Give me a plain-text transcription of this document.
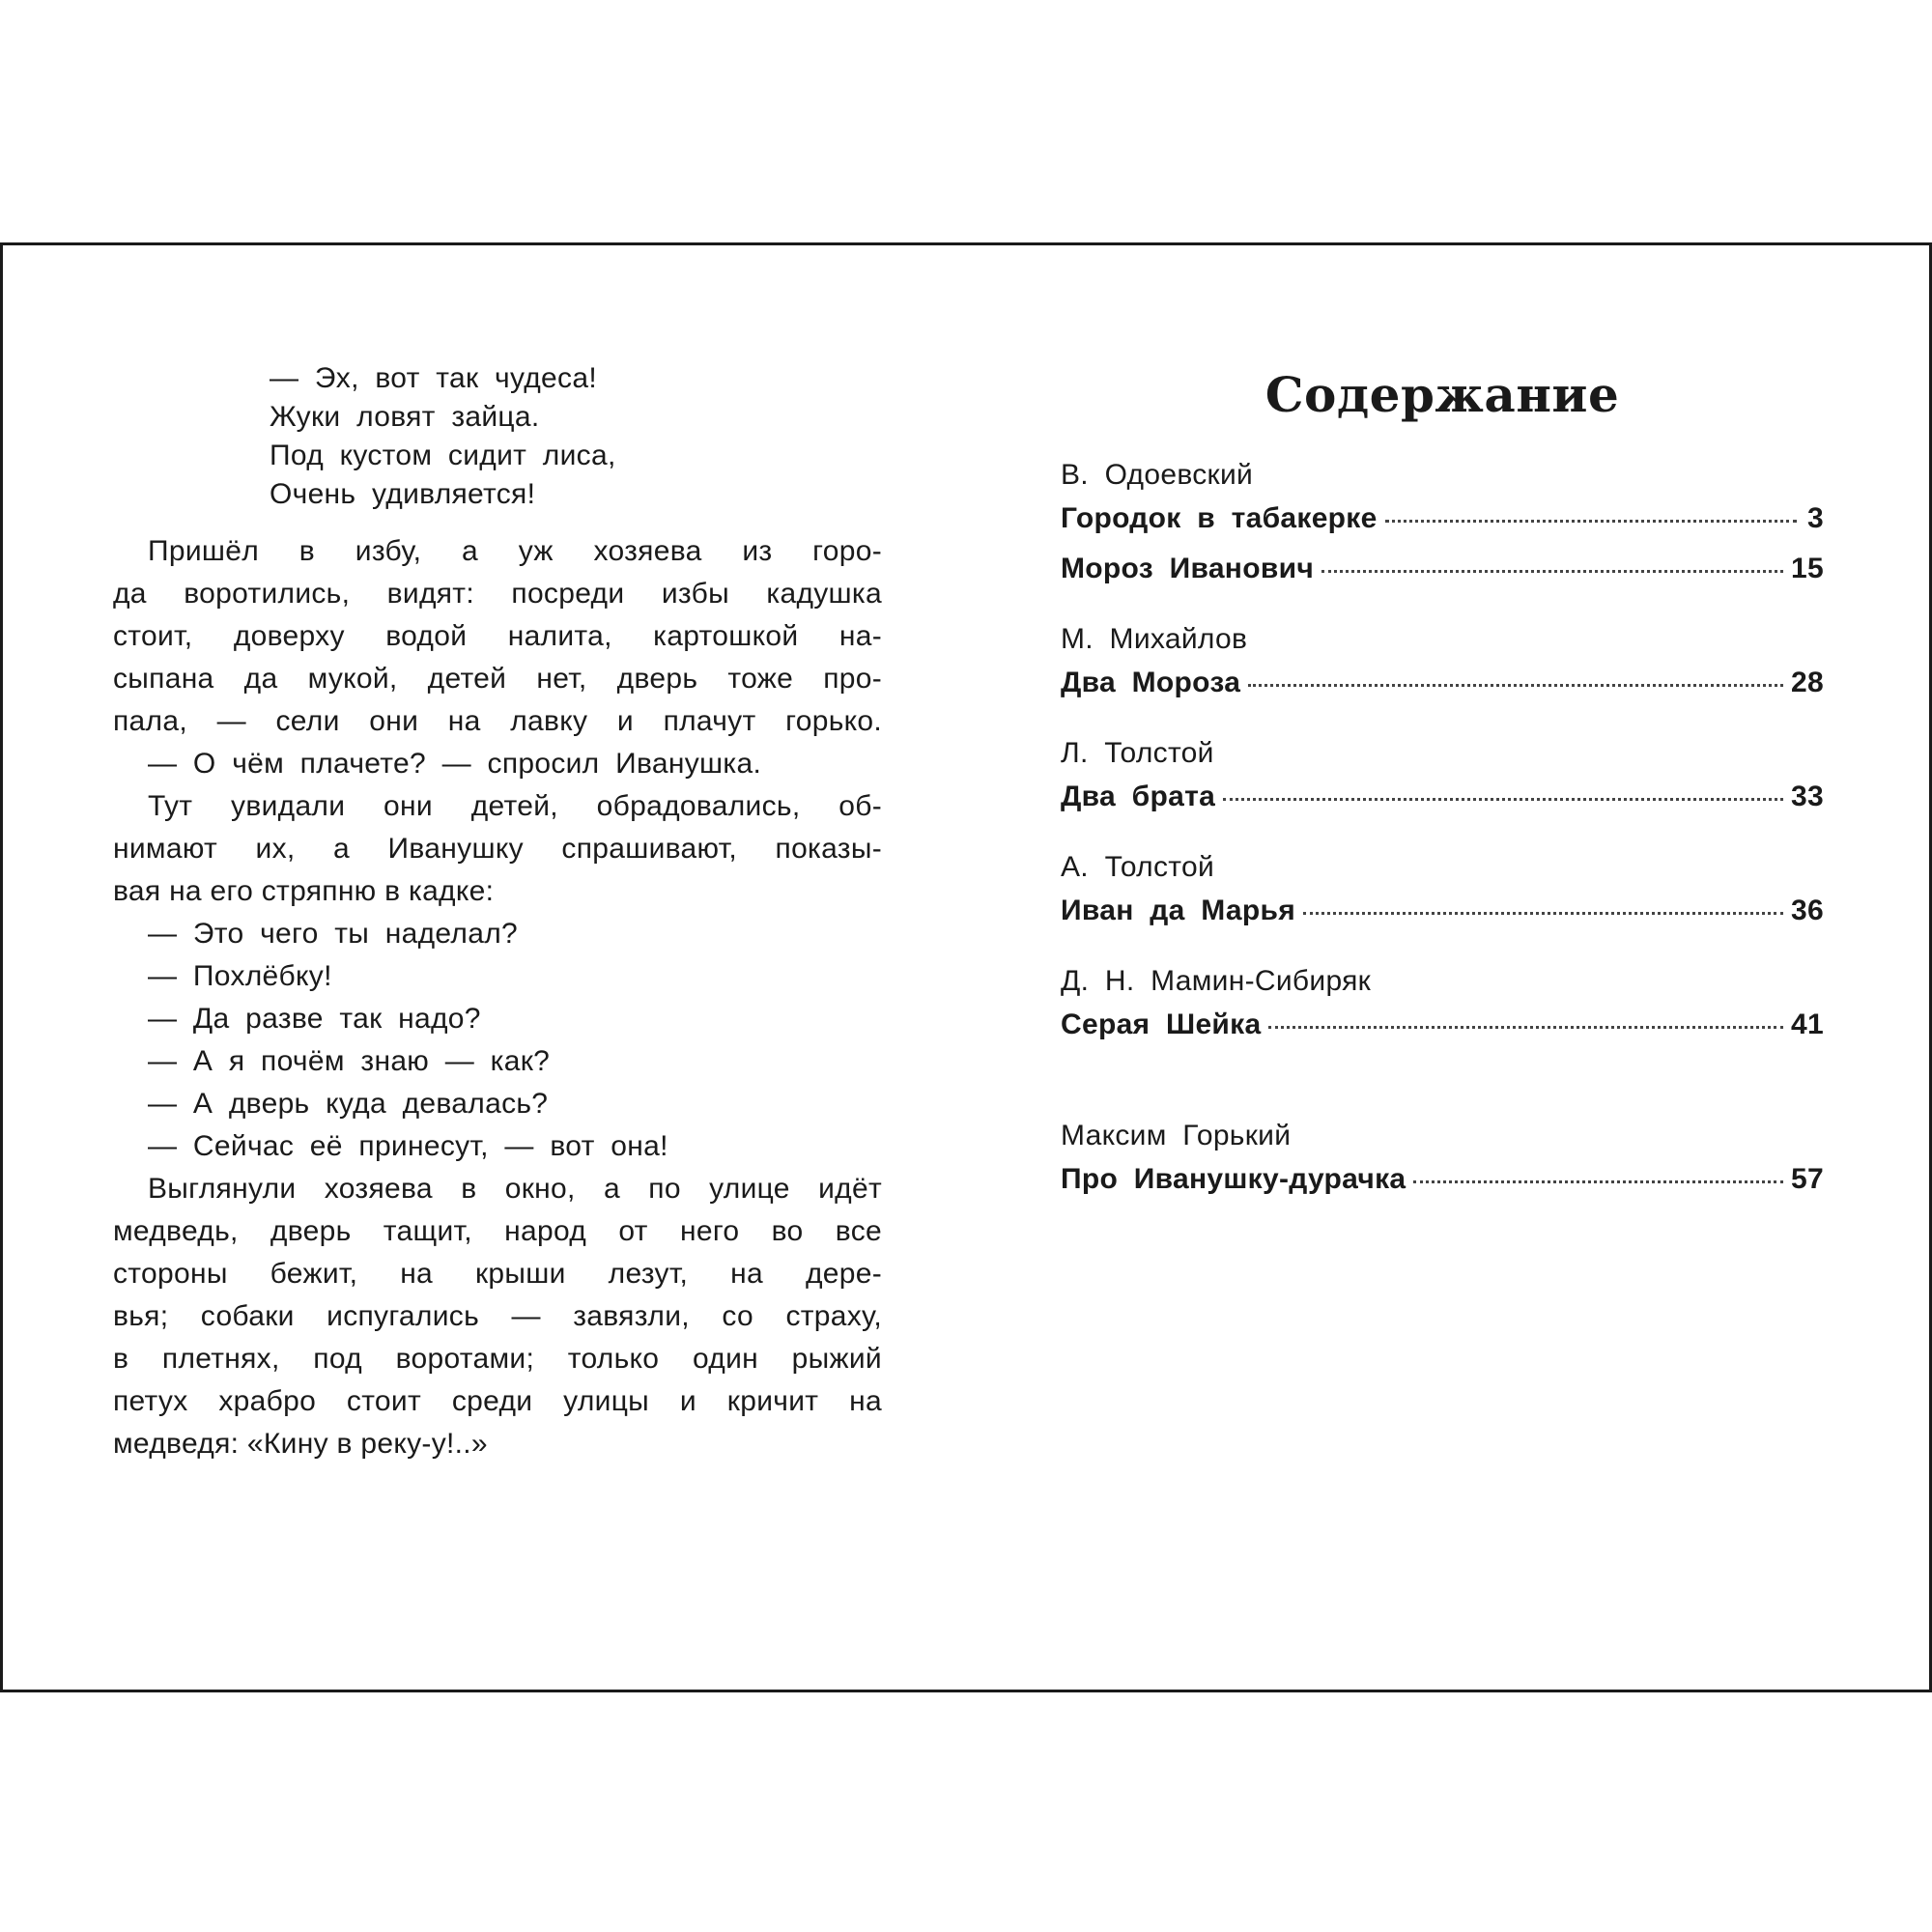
— Эх, вот так чудеса!
Жуки ловят зайца.
Под кустом сидит лиса,
Очень удивляется!
Пришёл в избу, а уж хозяева из горо-
да воротились, видят: посреди избы кадушка
стоит, доверху водой налита, картошкой на-
сыпана да мукой, детей нет, дверь тоже про-
пала, — сели они на лавку и плачут горько.
— О чём плачете? — спросил Иванушка.
Тут увидали они детей, обрадовались, об-
нимают их, а Иванушку спрашивают, показы-
вая на его стряпню в кадке:
— Это чего ты наделал?
— Похлёбку!
— Да разве так надо?
— А я почём знаю — как?
— А дверь куда девалась?
— Сейчас её принесут, — вот она!
Выглянули хозяева в окно, а по улице идёт
медведь, дверь тащит, народ от него во все
стороны бежит, на крыши лезут, на дере-
вья; собаки испугались — завязли, со страху,
в плетнях, под воротами; только один рыжий
петух храбро стоит среди улицы и кричит на
медведя: «Кину в реку-у!..»
Содержание
В. Одоевский
Городок в табакерке	3
Мороз Иванович	15
М. Михайлов
Два Мороза	28
Л. Толстой
Два брата	33
А. Толстой
Иван да Марья	36
Д. Н. Мамин-Сибиряк
Серая Шейка	41
Максим Горький
Про Иванушку-дурачка	57
